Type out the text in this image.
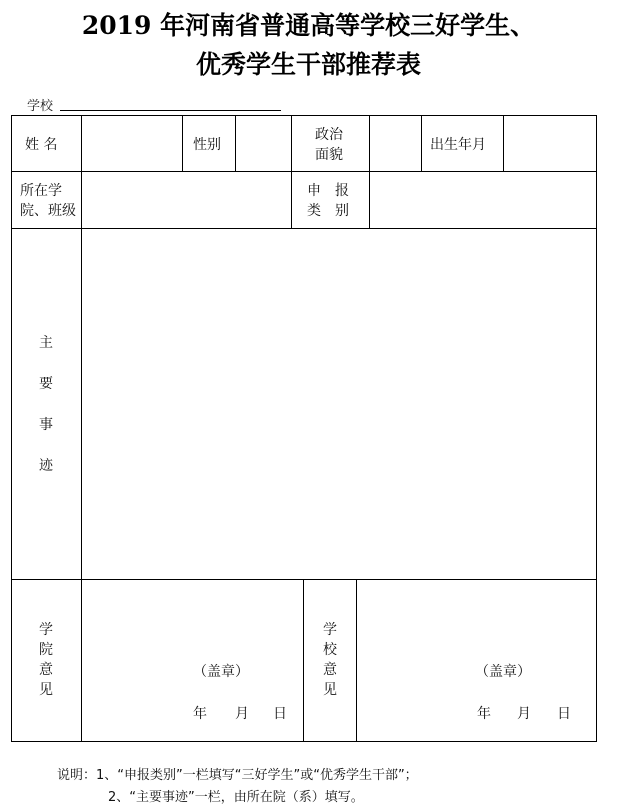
2019 年河南省普通高等学校三好学生、
优秀学生干部推荐表
学校
姓 名	性别
政治
面貌
出生年月
所在学
院、班级
申　报
类　别
主
要
事
迹
学
院
意
见
（盖章）
年 月 日
学
校
意
见
（盖章）
年 月 日
说明：1、“申报类别”一栏填写“三好学生”或“优秀学生干部”；
2、“主要事迹”一栏，由所在院（系）填写。
